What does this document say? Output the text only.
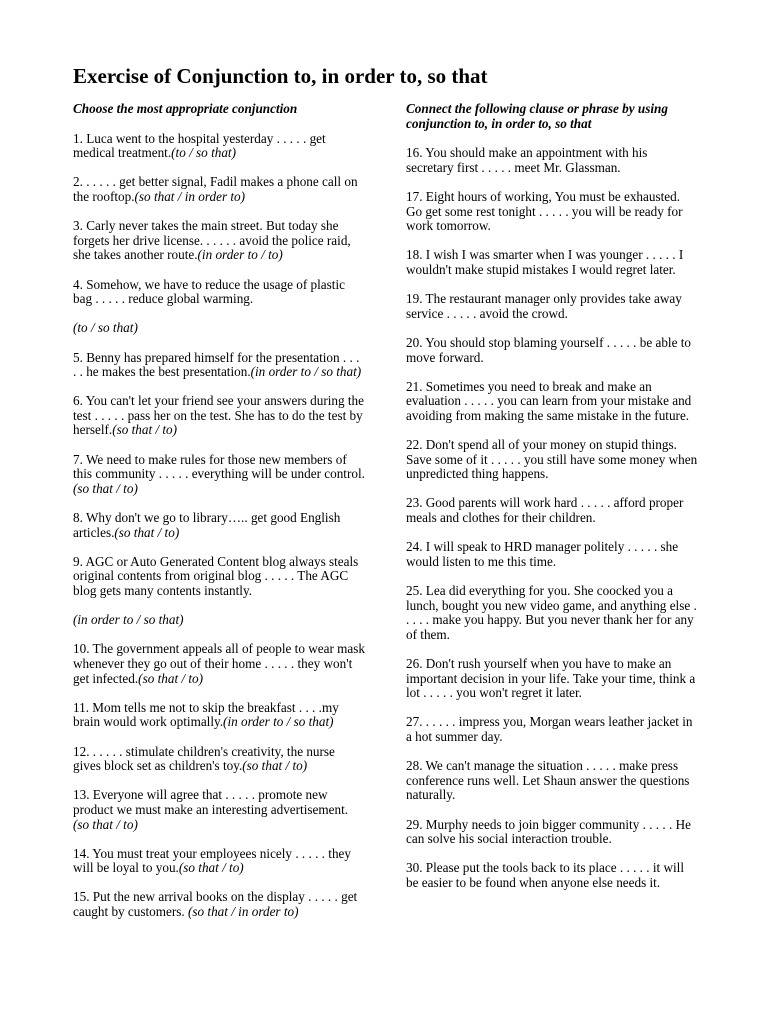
Exercise of Conjunction to, in order to, so that

Choose the most appropriate conjunction

1. Luca went to the hospital yesterday . . . . . get medical treatment.(to / so that)

2. . . . . . get better signal, Fadil makes a phone call on the rooftop.(so that / in order to)

3. Carly never takes the main street. But today she forgets her drive license. . . . . . avoid the police raid, she takes another route.(in order to / to)

4. Somehow, we have to reduce the usage of plastic bag . . . . . reduce global warming.

(to / so that)

5. Benny has prepared himself for the presentation . . . . . he makes the best presentation.(in order to / so that)

6. You can't let your friend see your answers during the test . . . . . pass her on the test. She has to do the test by herself.(so that / to)

7. We need to make rules for those new members of this community . . . . . everything will be under control.(so that / to)

8. Why don't we go to library….. get good English articles.(so that / to)

9. AGC or Auto Generated Content blog always steals original contents from original blog . . . . . The AGC blog gets many contents instantly.

(in order to / so that)

10. The government appeals all of people to wear mask whenever they go out of their home . . . . . they won't get infected.(so that / to)

11. Mom tells me not to skip the breakfast . . . .my brain would work optimally.(in order to / so that)

12. . . . . . stimulate children's creativity, the nurse gives block set as children's toy.(so that / to)

13. Everyone will agree that . . . . . promote new product we must make an interesting advertisement. (so that / to)

14. You must treat your employees nicely . . . . . they will be loyal to you.(so that / to)

15. Put the new arrival books on the display . . . . . get caught by customers. (so that / in order to)

Connect the following clause or phrase by using conjunction to, in order to, so that

16. You should make an appointment with his secretary first . . . . . meet Mr. Glassman.

17. Eight hours of working, You must be exhausted. Go get some rest tonight . . . . . you will be ready for work tomorrow.

18. I wish I was smarter when I was younger . . . . . I wouldn't make stupid mistakes I would regret later.

19. The restaurant manager only provides take away service . . . . . avoid the crowd.

20. You should stop blaming yourself . . . . . be able to move forward.

21. Sometimes you need to break and make an evaluation . . . . . you can learn from your mistake and avoiding from making the same mistake in the future.

22. Don't spend all of your money on stupid things. Save some of it . . . . . you still have some money when unpredicted thing happens.

23. Good parents will work hard . . . . . afford proper meals and clothes for their children.

24. I will speak to HRD manager politely . . . . . she would listen to me this time.

25. Lea did everything for you. She coocked you a lunch, bought you new video game, and anything else . . . . . make you happy. But you never thank her for any of them.

26. Don't rush yourself when you have to make an important decision in your life. Take your time, think a lot . . . . . you won't regret it later.

27. . . . . . impress you, Morgan wears leather jacket in a hot summer day.

28. We can't manage the situation . . . . . make press conference runs well. Let Shaun answer the questions naturally.

29. Murphy needs to join bigger community . . . . . He can solve his social interaction trouble.

30. Please put the tools back to its place . . . . . it will be easier to be found when anyone else needs it.
